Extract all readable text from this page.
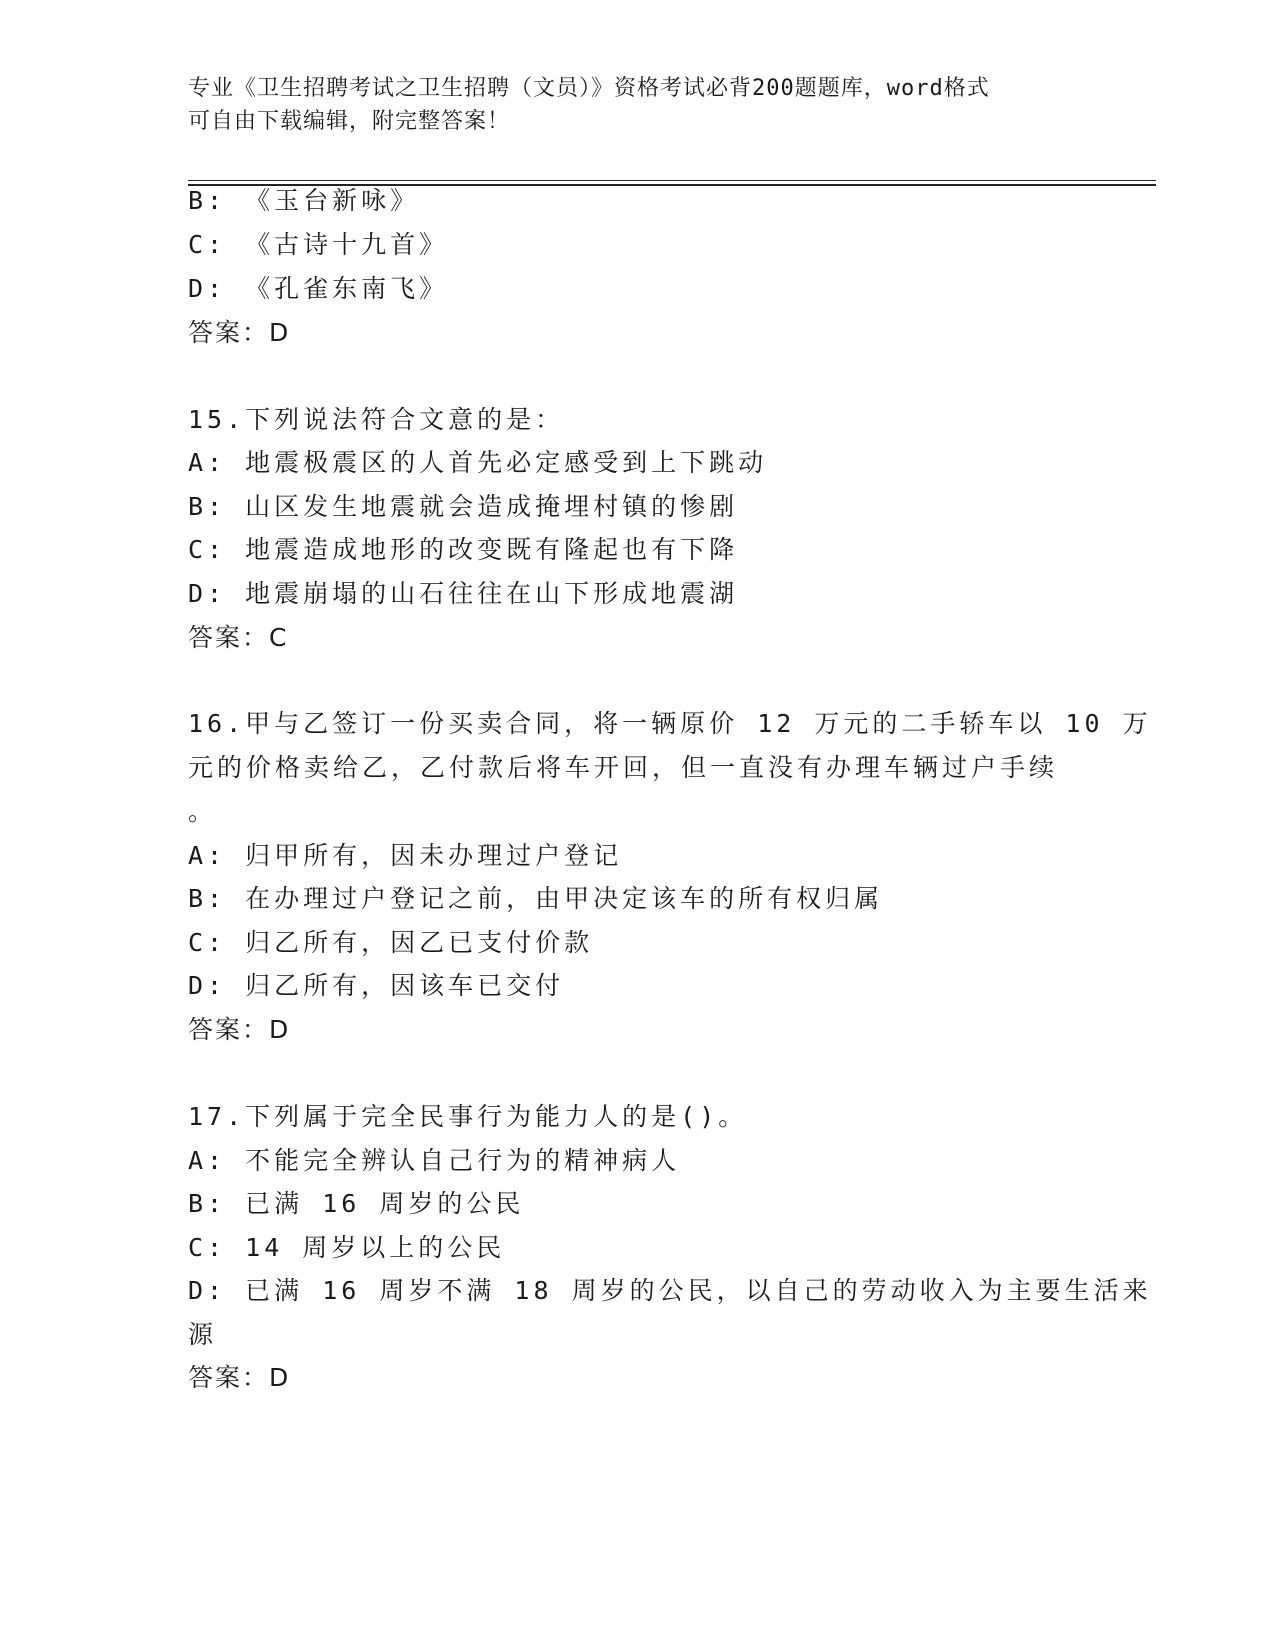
专业《卫生招聘考试之卫生招聘（文员）》资格考试必背200题题库，word格式
可自由下载编辑，附完整答案！
B: 《玉台新咏》
C: 《古诗十九首》
D: 《孔雀东南飞》
答案：D
15.下列说法符合文意的是：
A: 地震极震区的人首先必定感受到上下跳动
B: 山区发生地震就会造成掩埋村镇的惨剧
C: 地震造成地形的改变既有隆起也有下降
D: 地震崩塌的山石往往在山下形成地震湖
答案：C
16.甲与乙签订一份买卖合同，将一辆原价 12 万元的二手轿车以 10 万
元的价格卖给乙，乙付款后将车开回，但一直没有办理车辆过户手续
。
A: 归甲所有，因未办理过户登记
B: 在办理过户登记之前，由甲决定该车的所有权归属
C: 归乙所有，因乙已支付价款
D: 归乙所有，因该车已交付
答案：D
17.下列属于完全民事行为能力人的是()。
A: 不能完全辨认自己行为的精神病人
B: 已满 16 周岁的公民
C: 14 周岁以上的公民
D: 已满 16 周岁不满 18 周岁的公民，以自己的劳动收入为主要生活来
源
答案：D
